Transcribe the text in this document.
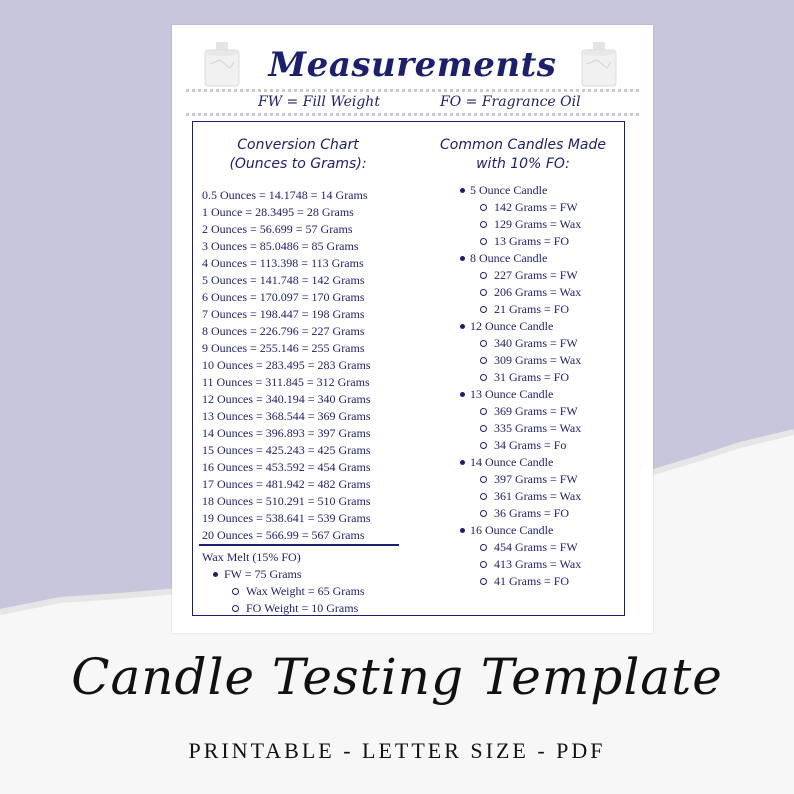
Measurements
FW = Fill Weight	FO = Fragrance Oil
Conversion Chart
(Ounces to Grams):
Common Candles Made
with 10% FO:
0.5 Ounces = 14.1748 = 14 Grams
1 Ounce = 28.3495 = 28 Grams
2 Ounces = 56.699 = 57 Grams
3 Ounces = 85.0486 = 85 Grams
4 Ounces = 113.398 = 113 Grams
5 Ounces = 141.748 = 142 Grams
6 Ounces = 170.097 = 170 Grams
7 Ounces = 198.447 = 198 Grams
8 Ounces = 226.796 = 227 Grams
9 Ounces = 255.146 = 255 Grams
10 Ounces = 283.495 = 283 Grams
11 Ounces = 311.845 = 312 Grams
12 Ounces = 340.194 = 340 Grams
13 Ounces = 368.544 = 369 Grams
14 Ounces = 396.893 = 397 Grams
15 Ounces = 425.243 = 425 Grams
16 Ounces = 453.592 = 454 Grams
17 Ounces = 481.942 = 482 Grams
18 Ounces = 510.291 = 510 Grams
19 Ounces = 538.641 = 539 Grams
20 Ounces = 566.99 = 567 Grams
Wax Melt (15% FO)
FW = 75 Grams
Wax Weight = 65 Grams
FO Weight = 10 Grams
5 Ounce Candle
142 Grams = FW
129 Grams = Wax
13 Grams = FO
8 Ounce Candle
227 Grams = FW
206 Grams = Wax
21 Grams = FO
12 Ounce Candle
340 Grams = FW
309 Grams = Wax
31 Grams = FO
13 Ounce Candle
369 Grams = FW
335 Grams = Wax
34 Grams = Fo
14 Ounce Candle
397 Grams = FW
361 Grams = Wax
36 Grams = FO
16 Ounce Candle
454 Grams = FW
413 Grams = Wax
41 Grams = FO
Candle Testing Template
PRINTABLE - LETTER SIZE - PDF
